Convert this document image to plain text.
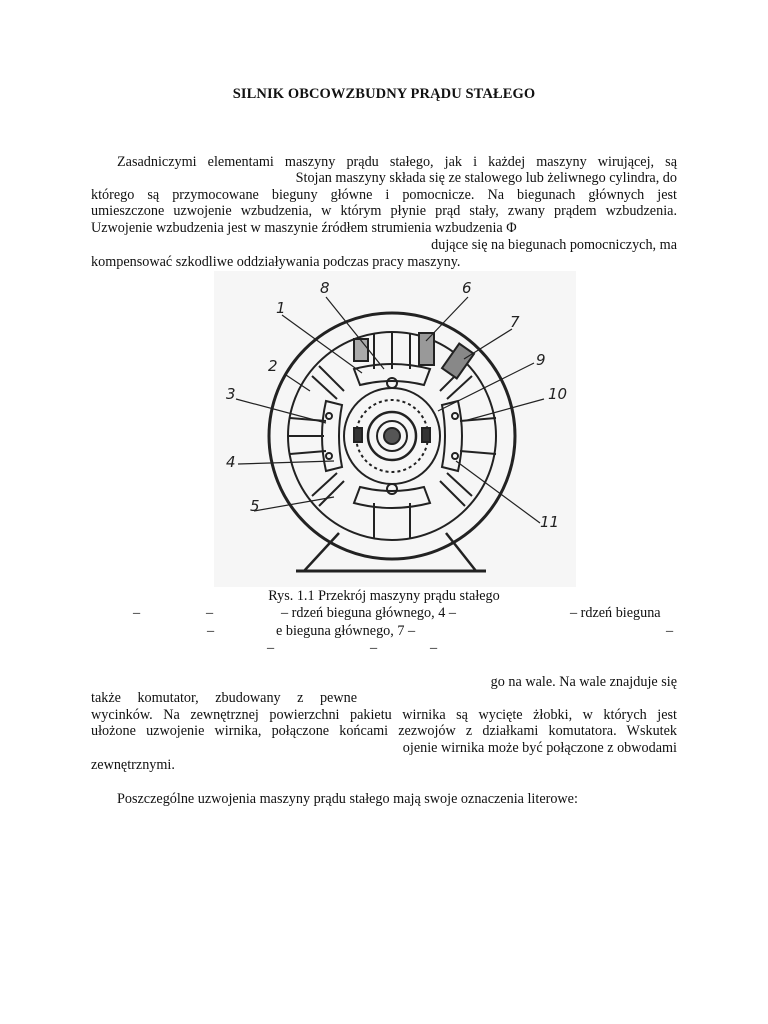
SILNIK OBCOWZBUDNY PRĄDU STAŁEGO
Zasadniczymi elementami maszyny prądu stałego, jak i każdej maszyny wirującej, są
Stojan maszyny składa się ze stalowego lub żeliwnego cylindra, do
którego są przymocowane bieguny główne i pomocnicze. Na biegunach głównych jest
umieszczone uzwojenie wzbudzenia, w którym płynie prąd stały, zwany prądem wzbudzenia.
Uzwojenie wzbudzenia jest w maszynie źródłem strumienia wzbudzenia Φ
dujące się na biegunach pomocniczych, ma
kompensować szkodliwe oddziaływania podczas pracy maszyny.
1
2
3
4
5
6
7
8
9
10
11
Rys. 1.1 Przekrój maszyny prądu stałego
–	–	– rdzeń bieguna głównego, 4 –	– rdzeń bieguna
–	e bieguna głównego, 7 –	–
–	–	–
go na wale. Na wale znajduje się
także komutator, zbudowany z pewne
wycinków. Na zewnętrznej powierzchni pakietu wirnika są wycięte żłobki, w których jest
ułożone uzwojenie wirnika, połączone końcami zezwojów z działkami komutatora. Wskutek
ojenie wirnika może być połączone z obwodami
zewnętrznymi.
Poszczególne uzwojenia maszyny prądu stałego mają swoje oznaczenia literowe:
